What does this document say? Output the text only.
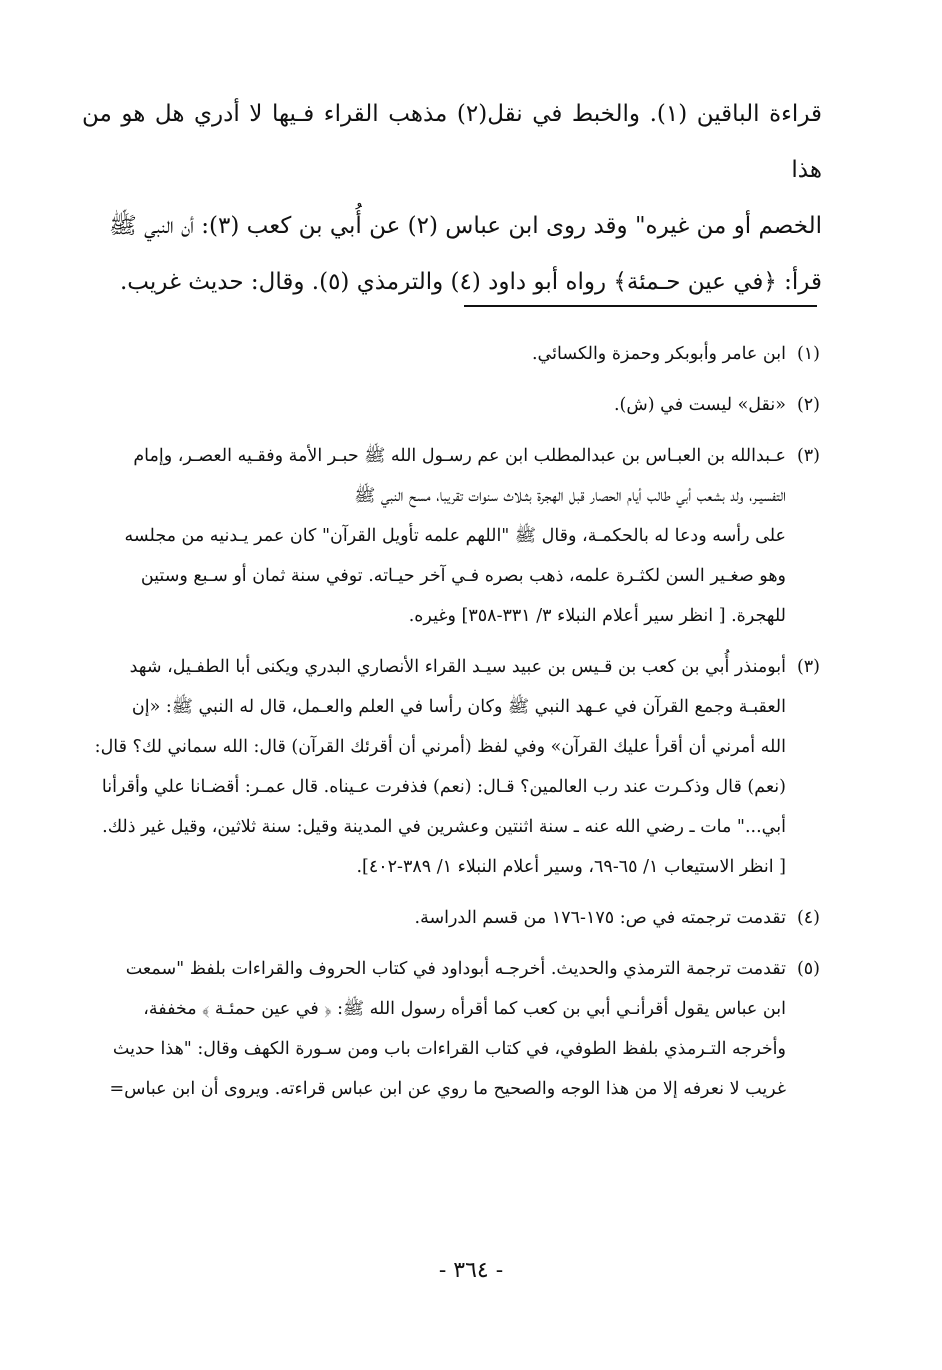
قراءة الباقين (١). والخبط في نقل(٢) مذهب القراء فـيها لا أدري هل هو من هذا

الخصم أو من غيره" وقد روى ابن عباس (٢) عن أُبي بن كعب (٣): أن النبي ﷺ

قرأ: ﴿في عين حـمئة﴾ رواه أبو داود (٤) والترمذي (٥). وقال: حديث غريب.

(١)
ابن عامر وأبوبكر وحمزة والكسائي.
(٢)
«نقل» ليست في (ش).
(٣)
عـبدالله بن العبـاس بن عبدالمطلب ابن عم رسـول الله ﷺ حبـر الأمة وفقـيه العصـر، وإمام
التفسيـر، ولد بشعب أبي طالب أيام الحصار قبل الهجرة بثـلاث سنوات تقريبا، مسح النبي ﷺ
على رأسه ودعا له بالحكمـة، وقال ﷺ "اللهم علمه تأويل القرآن" كان عمر يـدنيه من مجلسه
وهو صغـير السن لكثـرة علمه، ذهب بصره فـي آخر حيـاته. توفي سنة ثمان أو سـبع وستين
للهجرة. [ انظر سير أعلام النبلاء ٣/ ٣٣١-٣٥٨] وغيره.
(٣)
أبومنذر أُبي بن كعب بن قـيس بن عبيد سيـد القراء الأنصاري البدري ويكنى أبا الطفـيل، شهد
العقبـة وجمع القرآن في عـهد النبي ﷺ وكان رأسا في العلم والعـمل، قال له النبي ﷺ: «إن
الله أمرني أن أقرأ عليك القرآن» وفي لفظ (أمرني أن أقرئك القرآن) قال: الله سماني لك؟ قال:
(نعم) قال وذكـرت عند رب العالمين؟ قـال: (نعم) فذفرت عـيناه. قال عمـر: أقضـانا علي وأقرأنا
أبي..." مات ـ رضي الله عنه ـ سنة اثنتين وعشرين في المدينة وقيل: سنة ثلاثين، وقيل غير ذلك.
[ انظر الاستيعاب ١/ ٦٥-٦٩، وسير أعلام النبلاء ١/ ٣٨٩-٤٠٢].
(٤)
تقدمت ترجمته في ص: ١٧٥-١٧٦ من قسم الدراسة.
(٥)
تقدمت ترجمة الترمذي والحديث. أخرجـه أبوداود في كتاب الحروف والقراءات بلفظ "سمعت
ابن عباس يقول أقرأنـي أبي بن كعب كما أقرأه رسول الله ﷺ: ﴿ في عين حمئـة ﴾ مخففة،
وأخرجه التـرمذي بلفظ الطوفي، في كتاب القراءات باب ومن سـورة الكهف وقال: "هذا حديث
غريب لا نعرفه إلا من هذا الوجه والصحيح ما روي عن ابن عباس قراءته. ويروى أن ابن عباس=
- ٣٦٤ -
